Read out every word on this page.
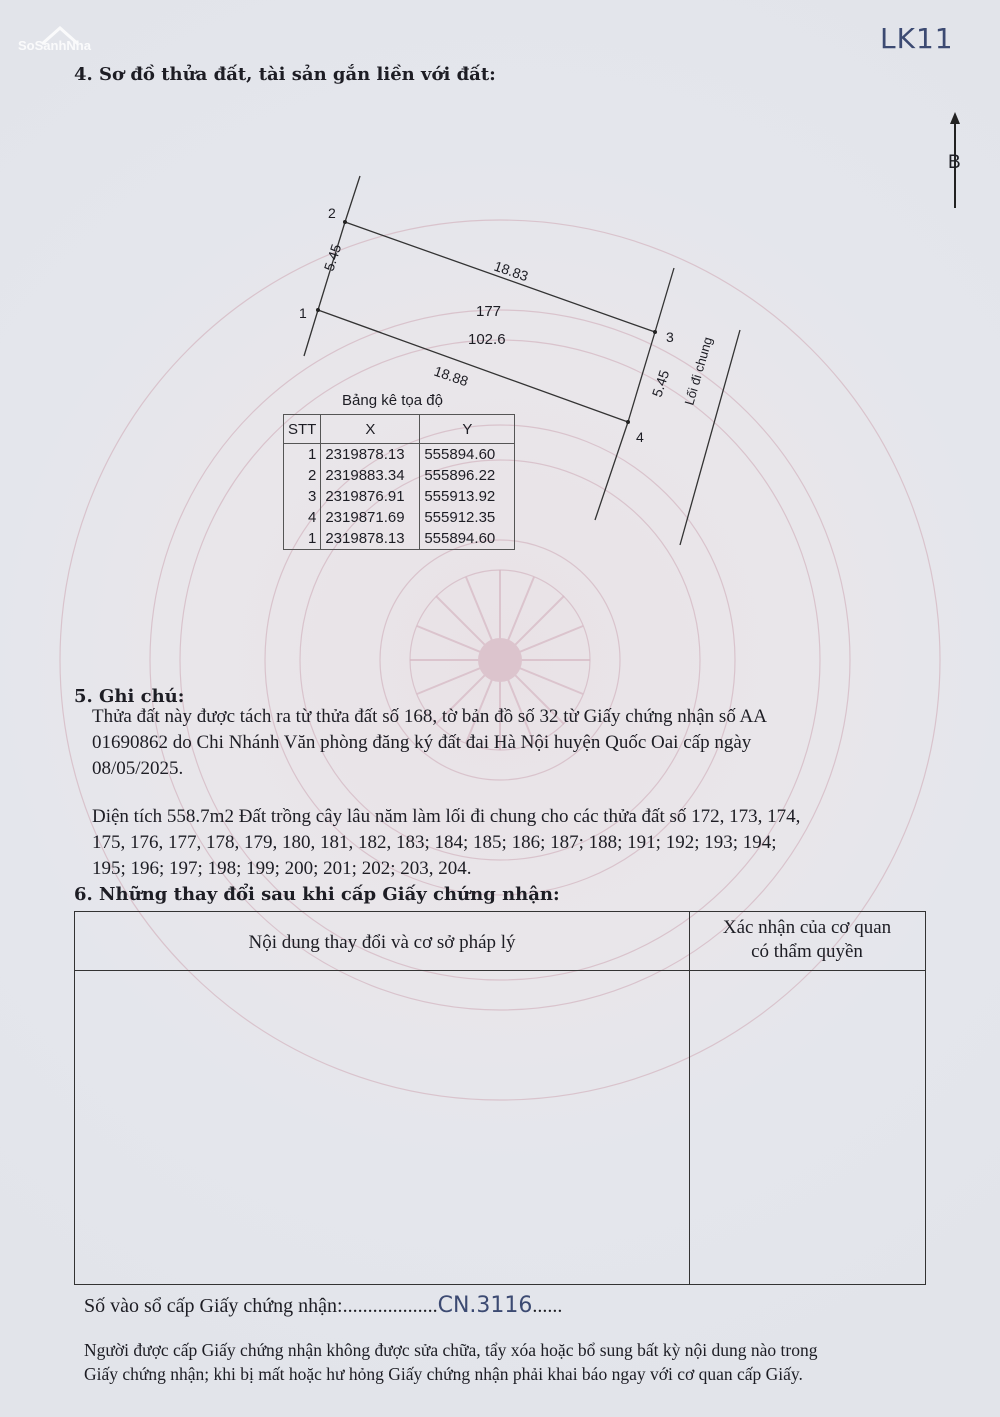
SoSanhNha	LK11
4. Sơ đồ thửa đất, tài sản gắn liền với đất:
B
1
2
3
4
177
102.6
5.45	18.83
5.45
18.88	Lối đi chung
Bảng kê tọa độ
STT	X	Y
1	2319878.13	555894.60
2	2319883.34	555896.22
3	2319876.91	555913.92
4	2319871.69	555912.35
1	2319878.13	555894.60
5. Ghi chú:
Thửa đất này được tách ra từ thửa đất số 168, tờ bản đồ số 32 từ Giấy chứng nhận số AA
01690862 do Chi Nhánh Văn phòng đăng ký đất đai Hà Nội huyện Quốc Oai cấp ngày
08/05/2025.
Diện tích 558.7m2 Đất trồng cây lâu năm làm lối đi chung cho các thửa đất số 172, 173, 174,
175, 176, 177, 178, 179, 180, 181, 182, 183; 184; 185; 186; 187; 188; 191; 192; 193; 194;
195; 196; 197; 198; 199; 200; 201; 202; 203, 204.
6. Những thay đổi sau khi cấp Giấy chứng nhận:
Nội dung thay đổi và cơ sở pháp lý
Xác nhận của cơ quan
có thẩm quyền
Số vào sổ cấp Giấy chứng nhận:...................CN.3116......
Người được cấp Giấy chứng nhận không được sửa chữa, tẩy xóa hoặc bổ sung bất kỳ nội dung nào trong
Giấy chứng nhận; khi bị mất hoặc hư hỏng Giấy chứng nhận phải khai báo ngay với cơ quan cấp Giấy.
